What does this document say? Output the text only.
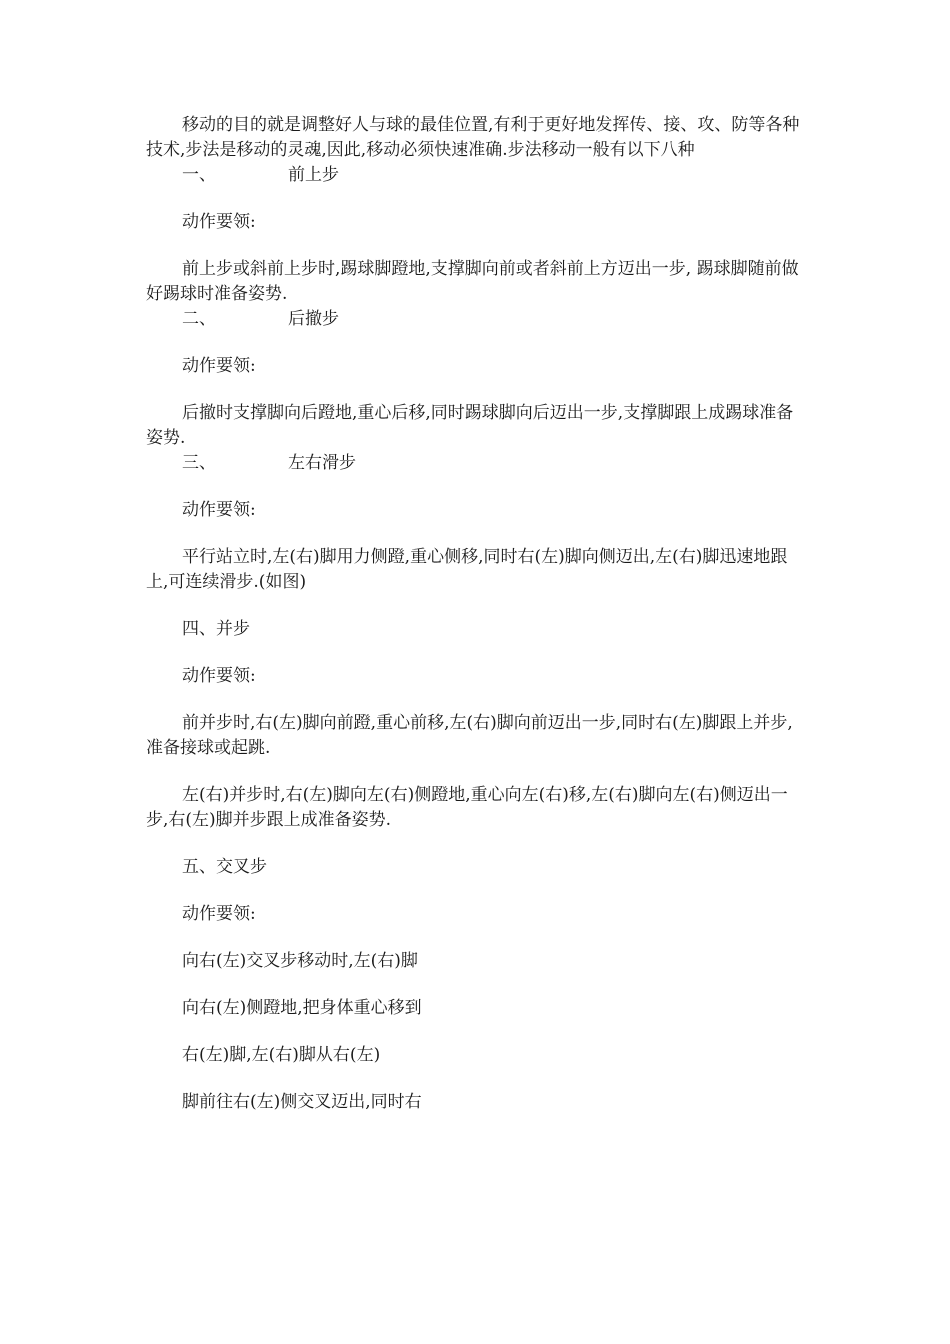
移动的目的就是调整好人与球的最佳位置,有利于更好地发挥传、接、攻、防等各种技术,步法是移动的灵魂,因此,移动必须快速准确.步法移动一般有以下八种

一、	前上步

动作要领:

前上步或斜前上步时,踢球脚蹬地,支撑脚向前或者斜前上方迈出一步, 踢球脚随前做好踢球时准备姿势.

二、	后撤步

动作要领:

后撤时支撑脚向后蹬地,重心后移,同时踢球脚向后迈出一步,支撑脚跟上成踢球准备姿势.

三、	左右滑步

动作要领:

平行站立时,左(右)脚用力侧蹬,重心侧移,同时右(左)脚向侧迈出,左(右)脚迅速地跟上,可连续滑步.(如图)

四、并步

动作要领:

前并步时,右(左)脚向前蹬,重心前移,左(右)脚向前迈出一步,同时右(左)脚跟上并步,准备接球或起跳.

左(右)并步时,右(左)脚向左(右)侧蹬地,重心向左(右)移,左(右)脚向左(右)侧迈出一步,右(左)脚并步跟上成准备姿势.

五、交叉步

动作要领:

向右(左)交叉步移动时,左(右)脚

向右(左)侧蹬地,把身体重心移到

右(左)脚,左(右)脚从右(左)

脚前往右(左)侧交叉迈出,同时右
